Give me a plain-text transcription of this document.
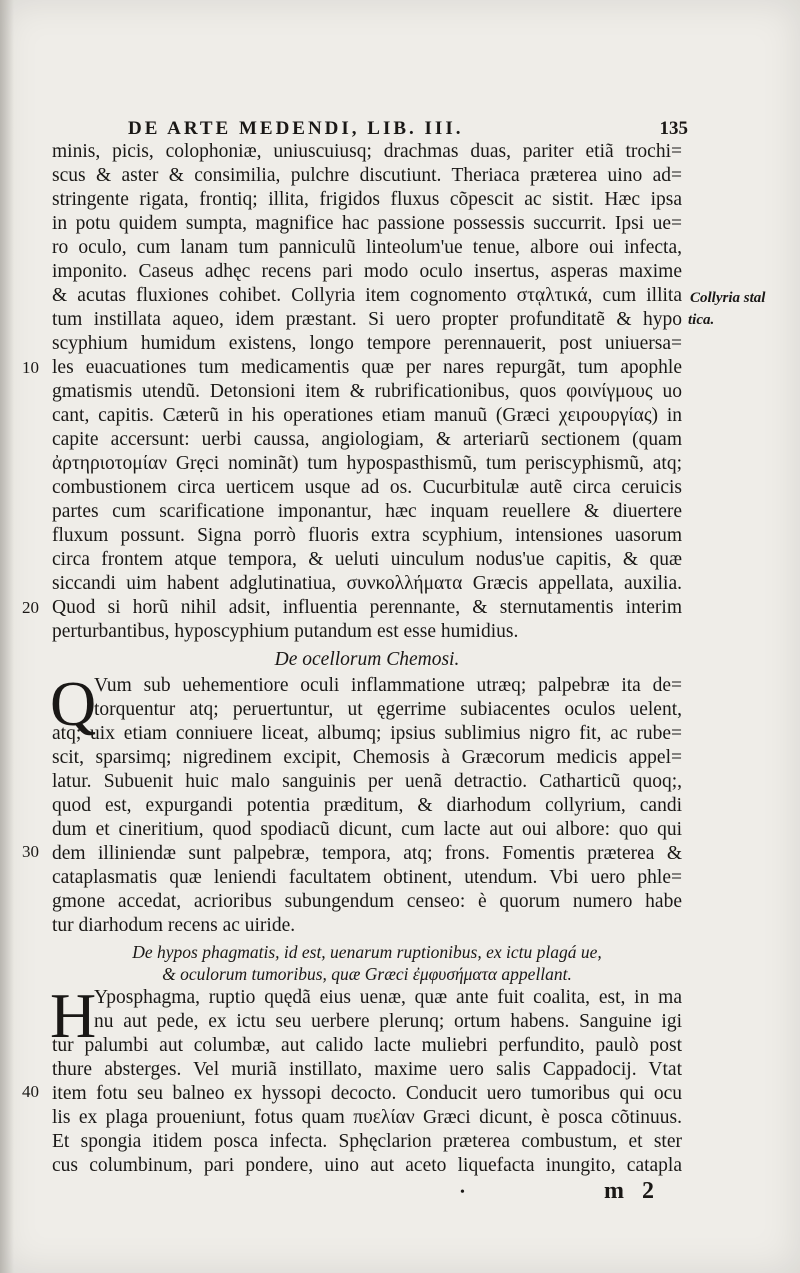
DE ARTE MEDENDI, LIB. III.	135
minis, picis, colophoniæ, uniuscuiusq; drachmas duas, pariter etiã trochi=
scus & aster & consimilia, pulchre discutiunt. Theriaca præterea uino ad=
stringente rigata, frontiq; illita, frigidos fluxus cõpescit ac sistit. Hæc ipsa
in potu quidem sumpta, magnifice hac passione possessis succurrit. Ipsi ue=
ro oculo, cum lanam tum panniculũ linteolum'ue tenue, albore oui infecta,
imponito. Caseus adhęc recens pari modo oculo insertus, asperas maxime
& acutas fluxiones cohibet. Collyria item cognomento στᾳλτικά, cum illita
tum instillata aqueo, idem præstant. Si uero propter profunditatẽ & hypo
scyphium humidum existens, longo tempore perennauerit, post uniuersa=
les euacuationes tum medicamentis quæ per nares repurgãt, tum apophle
gmatismis utendũ. Detonsioni item & rubrificationibus, quos φοινίγμους uo
cant, capitis. Cæterũ in his operationes etiam manuũ (Græci χειρουργίας) in
capite accersunt: uerbi caussa, angiologiam, & arteriarũ sectionem (quam
ἀρτηριοτομίαν Grẹci nominãt) tum hypospasthismũ, tum periscyphismũ, atq;
combustionem circa uerticem usque ad os. Cucurbitulæ autẽ circa ceruicis
partes cum scarificatione imponantur, hæc inquam reuellere & diuertere
fluxum possunt. Signa porrò fluoris extra scyphium, intensiones uasorum
circa frontem atque tempora, & ueluti uinculum nodus'ue capitis, & quæ
siccandi uim habent adglutinatiua, συνκολλήματα Græcis appellata, auxilia.
Quod si horũ nihil adsit, influentia perennante, & sternutamentis interim
perturbantibus, hyposcyphium putandum est esse humidius.
De ocellorum Chemosi.
Q
Vum sub uehementiore oculi inflammatione utræq; palpebræ ita de=
torquentur atq; peruertuntur, ut ęgerrime subiacentes oculos uelent,
atq; uix etiam conniuere liceat, albumq; ipsius sublimius nigro fit, ac rube=
scit, sparsimq; nigredinem excipit, Chemosis à Græcorum medicis appel=
latur. Subuenit huic malo sanguinis per uenã detractio. Catharticũ quoq;,
quod est, expurgandi potentia præditum, & diarhodum collyrium, candi
dum et cineritium, quod spodiacũ dicunt, cum lacte aut oui albore: quo qui
dem illiniendæ sunt palpebræ, tempora, atq; frons. Fomentis præterea &
cataplasmatis quæ leniendi facultatem obtinent, utendum. Vbi uero phle=
gmone accedat, acrioribus subungendum censeo: è quorum numero habe
tur diarhodum recens ac uiride.
De hypos phagmatis, id est, uenarum ruptionibus, ex ictu plagá ue,
& oculorum tumoribus, quæ Græci ἐμφυσήματα appellant.
H
Yposphagma, ruptio quędã eius uenæ, quæ ante fuit coalita, est, in ma
nu aut pede, ex ictu seu uerbere plerunq; ortum habens. Sanguine igi
tur palumbi aut columbæ, aut calido lacte muliebri perfundito, paulò post
thure absterges. Vel muriã instillato, maxime uero salis Cappadocij. Vtat
item fotu seu balneo ex hyssopi decocto. Conducit uero tumoribus qui ocu
lis ex plaga proueniunt, fotus quam πυελίαν Græci dicunt, è posca cõtinuus.
Et spongia itidem posca infecta. Sphęclarion præterea combustum, et ster
cus columbinum, pari pondere, uino aut aceto liquefacta inungito, catapla
10
20
30
40
Collyria stal
tica.
•	m 2
